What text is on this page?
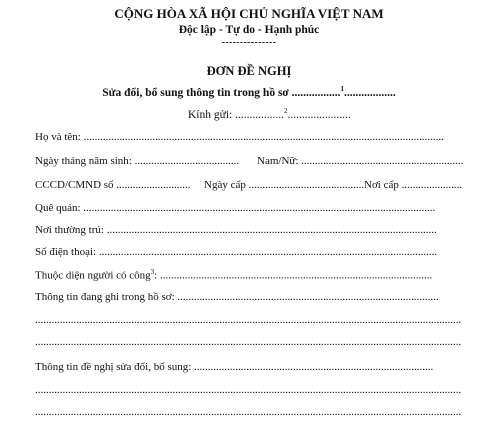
CỘNG HÒA XÃ HỘI CHỦ NGHĨA VIỆT NAM
Độc lập - Tự do - Hạnh phúc
---------------
ĐƠN ĐỀ NGHỊ
Sửa đổi, bổ sung thông tin trong hồ sơ .................$^1$..................
Kính gửi: .................$^2$......................
Họ và tên: ...................................................................................................................................
Ngày tháng năm sinh: ...................................... Nam/Nữ: ...........................................................
CCCD/CMND số ........................... Ngày cấp .......................................... Nơi cấp ......................
Quê quán: ................................................................................................................................
Nơi thường trú: ........................................................................................................................
Số điện thoại: ...........................................................................................................................
Thuộc diện người có công$^3$: ...................................................................................................
Thông tin đang ghi trong hồ sơ: ...............................................................................................
...........................................................................................................................................................
...........................................................................................................................................................
Thông tin đề nghị sửa đổi, bổ sung: .......................................................................................
...........................................................................................................................................................
...........................................................................................................................................................
